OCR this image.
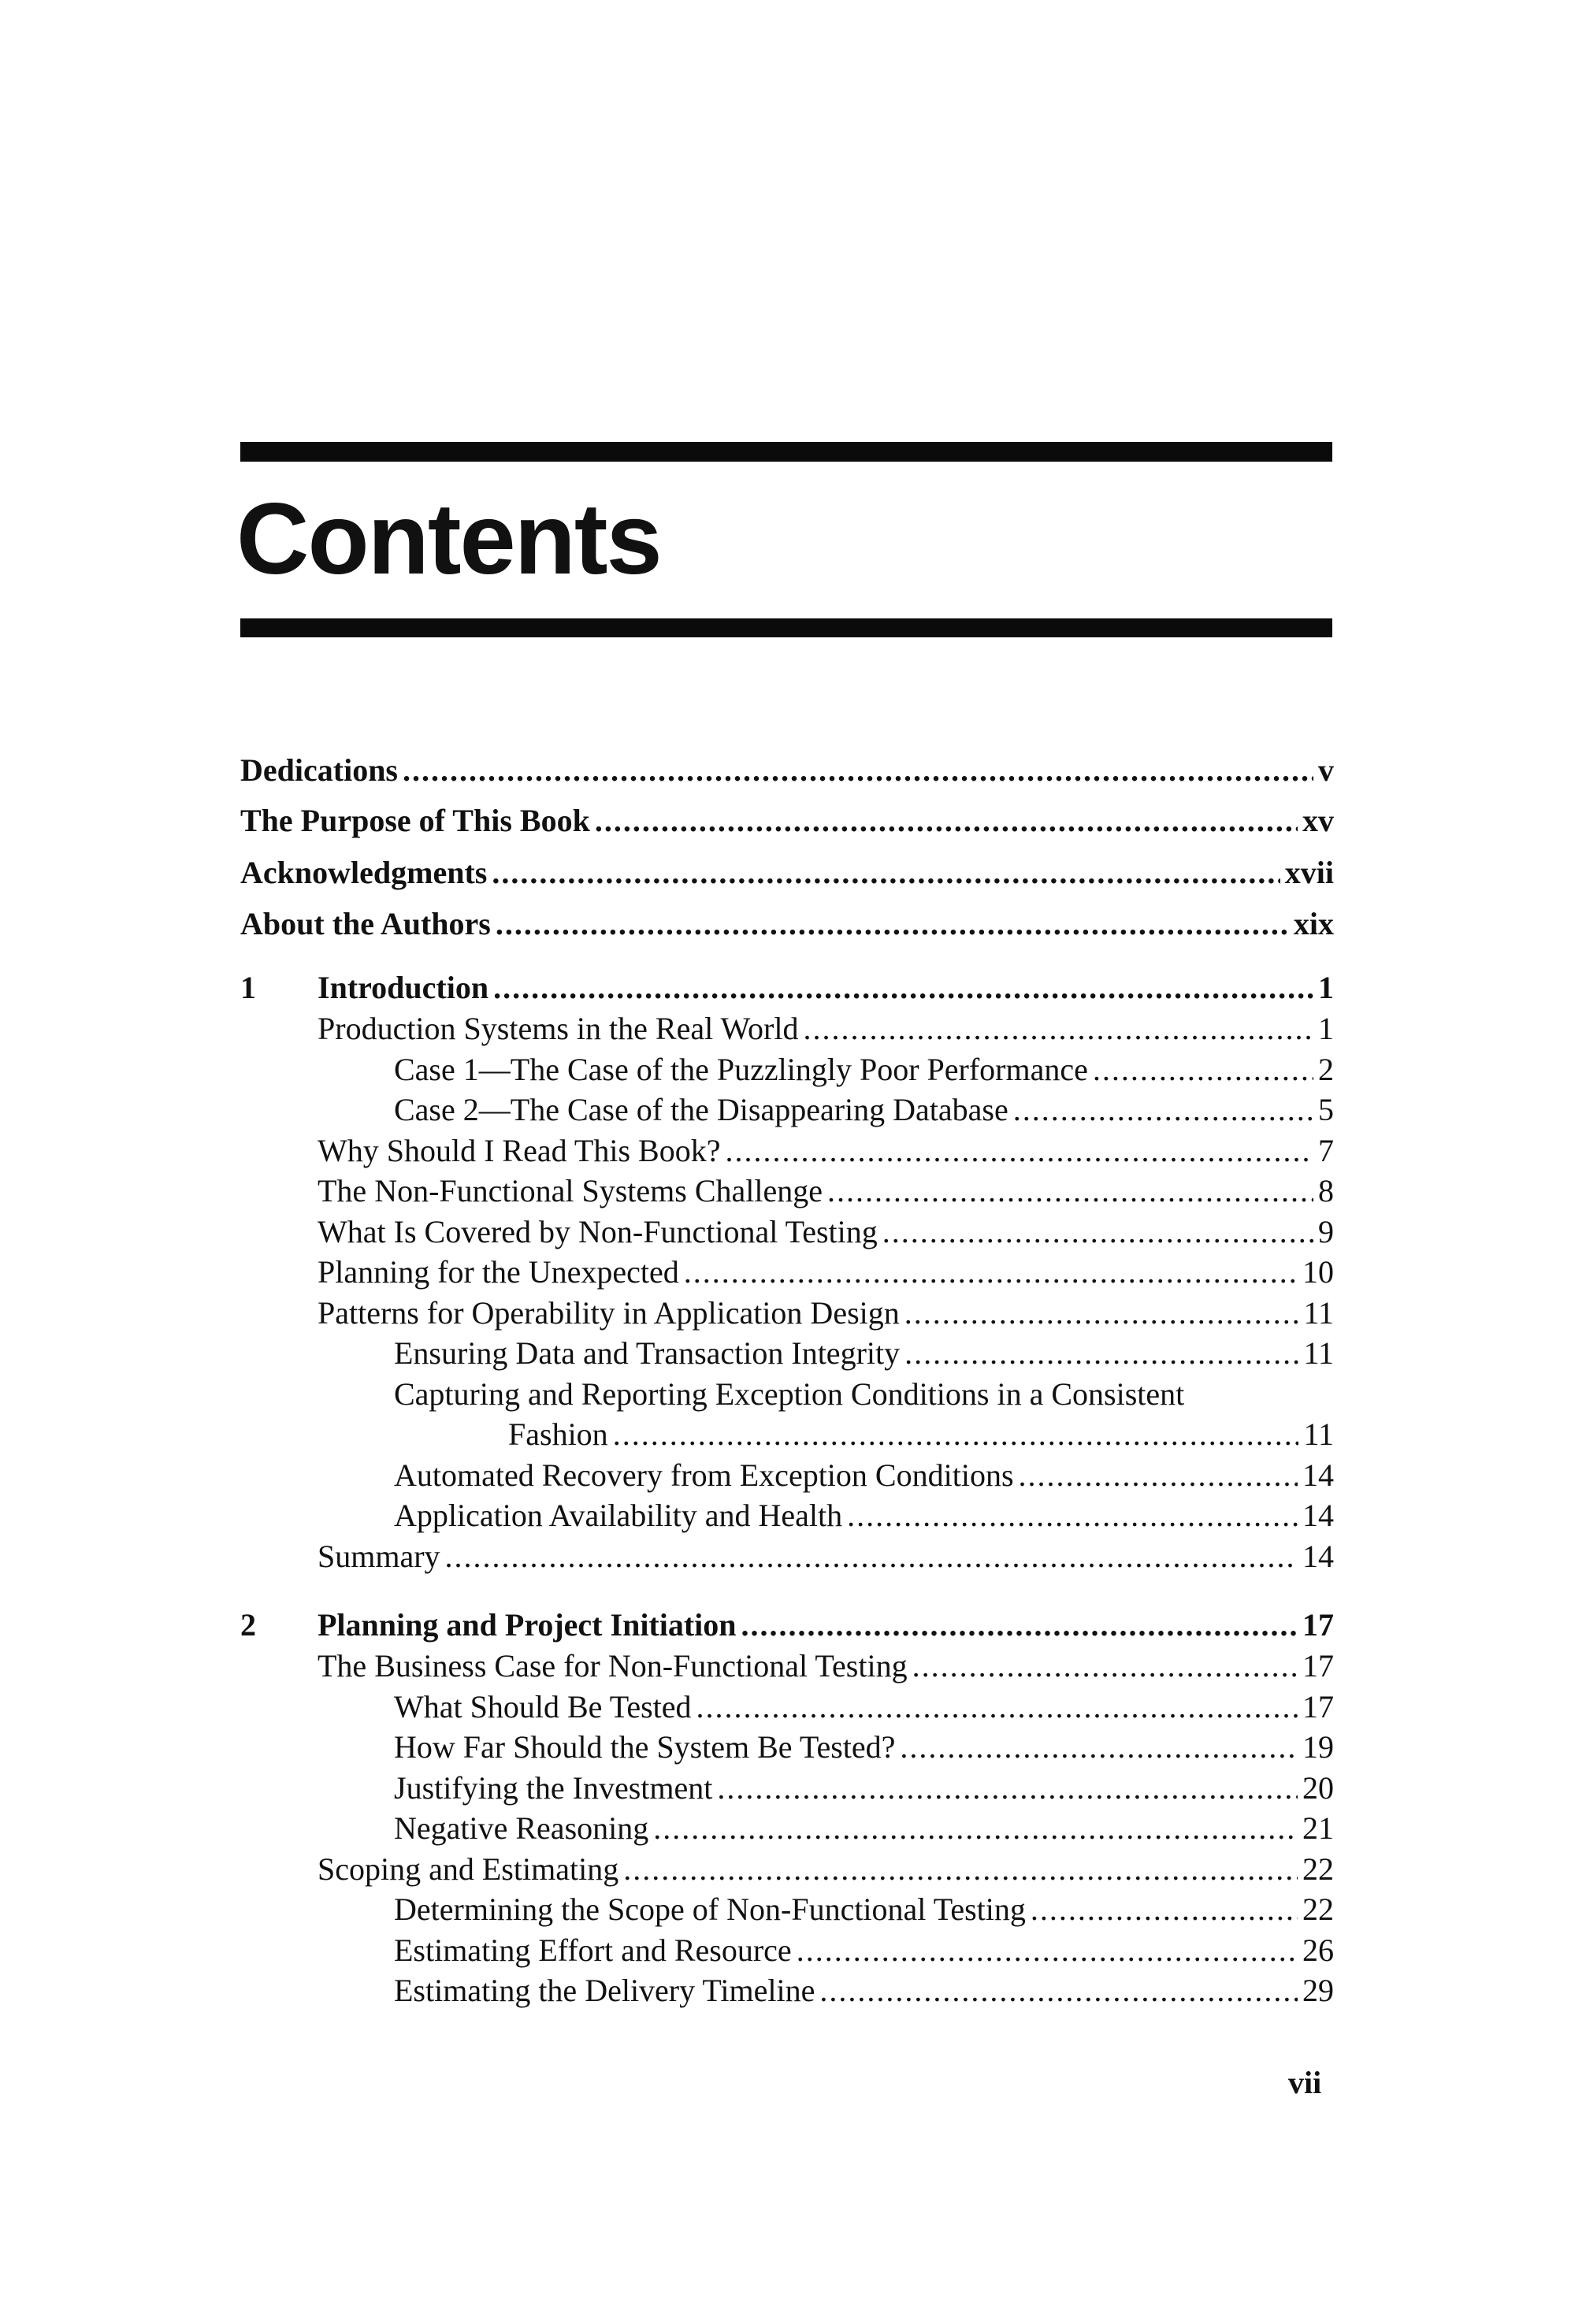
Contents
Dedications . . .	v
The Purpose of This Book . . .	xv
Acknowledgments . . .	xvii
About the Authors . . .	xix
1 Introduction . . .	1
Production Systems in the Real World . . .	1
Case 1—The Case of the Puzzlingly Poor Performance . . .	2
Case 2—The Case of the Disappearing Database . . .	5
Why Should I Read This Book? . . .	7
The Non-Functional Systems Challenge . . .	8
What Is Covered by Non-Functional Testing . . .	9
Planning for the Unexpected . . .	10
Patterns for Operability in Application Design . . .	11
Ensuring Data and Transaction Integrity . . .	11
Capturing and Reporting Exception Conditions in a Consistent
Fashion . . .	11
Automated Recovery from Exception Conditions . . .	14
Application Availability and Health . . .	14
Summary . . .	14
2 Planning and Project Initiation . . .	17
The Business Case for Non-Functional Testing . . .	17
What Should Be Tested . . .	17
How Far Should the System Be Tested? . . .	19
Justifying the Investment . . .	20
Negative Reasoning . . .	21
Scoping and Estimating . . .	22
Determining the Scope of Non-Functional Testing . . .	22
Estimating Effort and Resource . . .	26
Estimating the Delivery Timeline . . .	29
vii
